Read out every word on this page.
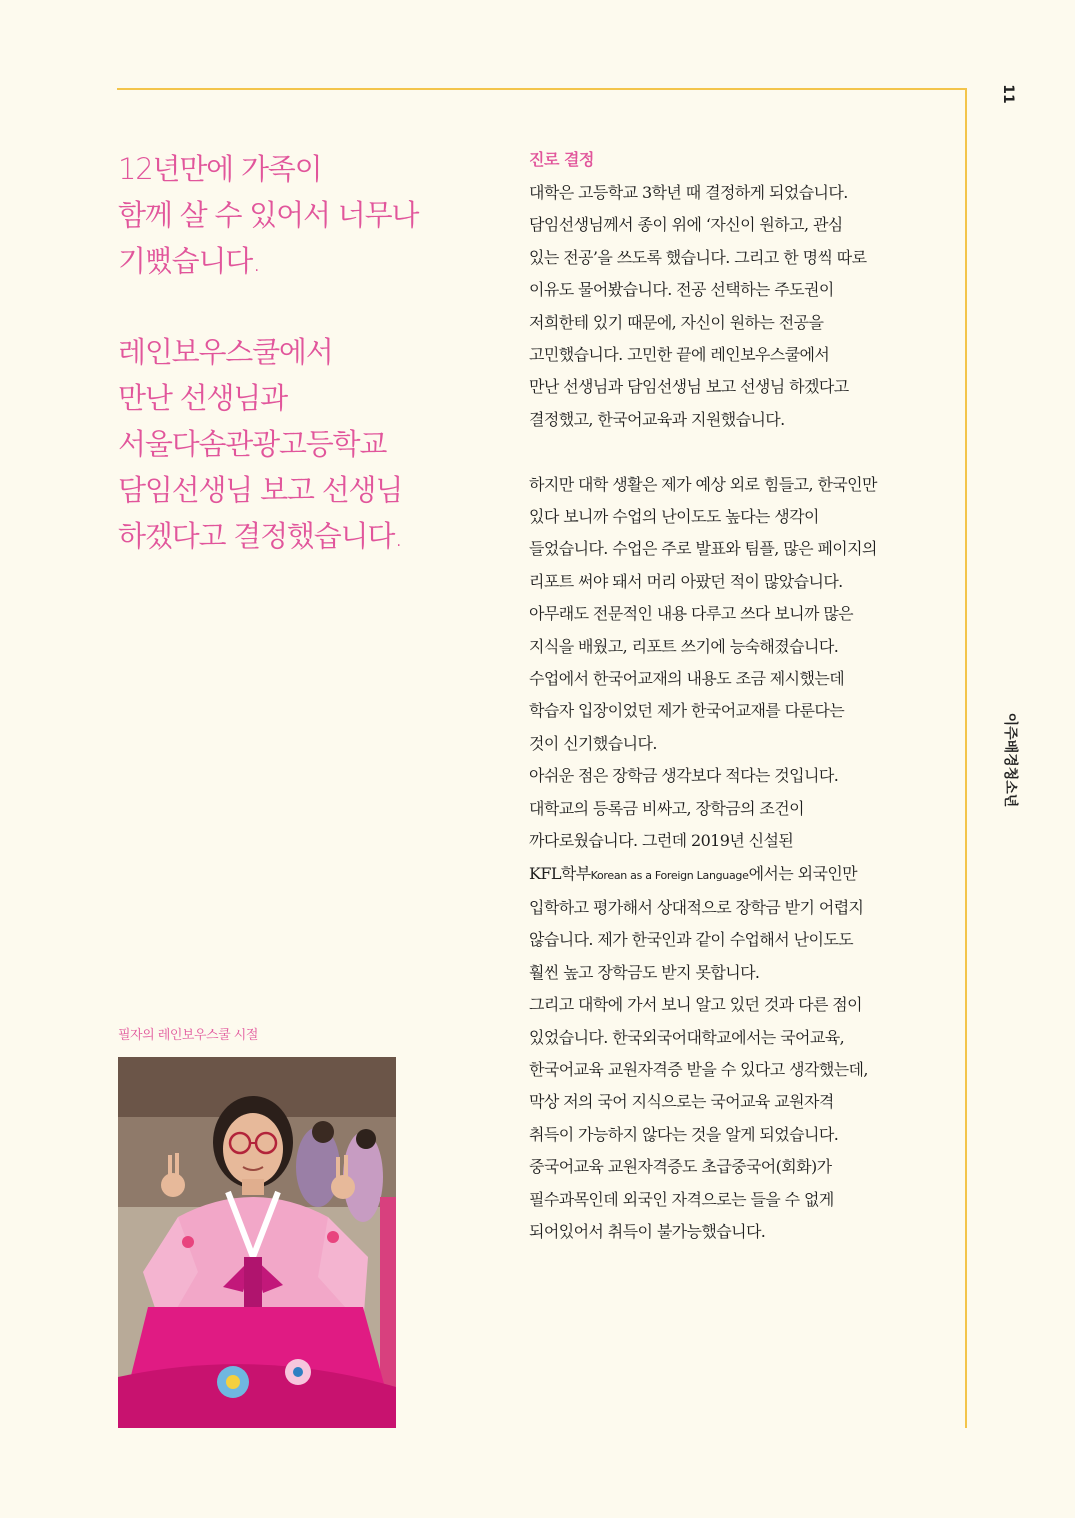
11
이주배경청소년

12년만에 가족이

함께 살 수 있어서 너무나

기뻤습니다.

레인보우스쿨에서

만난 선생님과

서울다솜관광고등학교

담임선생님 보고 선생님

하겠다고 결정했습니다.

필자의 레인보우스쿨 시절
진로 결정
대학은 고등학교 3학년 때 결정하게 되었습니다.
담임선생님께서 종이 위에 ‘자신이 원하고, 관심
있는 전공’을 쓰도록 했습니다. 그리고 한 명씩 따로
이유도 물어봤습니다. 전공 선택하는 주도권이
저희한테 있기 때문에, 자신이 원하는 전공을
고민했습니다. 고민한 끝에 레인보우스쿨에서
만난 선생님과 담임선생님 보고 선생님 하겠다고
결정했고, 한국어교육과 지원했습니다.
하지만 대학 생활은 제가 예상 외로 힘들고, 한국인만
있다 보니까 수업의 난이도도 높다는 생각이
들었습니다. 수업은 주로 발표와 팀플, 많은 페이지의
리포트 써야 돼서 머리 아팠던 적이 많았습니다.
아무래도 전문적인 내용 다루고 쓰다 보니까 많은
지식을 배웠고, 리포트 쓰기에 능숙해졌습니다.
수업에서 한국어교재의 내용도 조금 제시했는데
학습자 입장이었던 제가 한국어교재를 다룬다는
것이 신기했습니다.
아쉬운 점은 장학금 생각보다 적다는 것입니다.
대학교의 등록금 비싸고, 장학금의 조건이
까다로웠습니다. 그런데 2019년 신설된
KFL학부Korean as a Foreign Language에서는 외국인만
입학하고 평가해서 상대적으로 장학금 받기 어렵지
않습니다. 제가 한국인과 같이 수업해서 난이도도
훨씬 높고 장학금도 받지 못합니다.
그리고 대학에 가서 보니 알고 있던 것과 다른 점이
있었습니다. 한국외국어대학교에서는 국어교육,
한국어교육 교원자격증 받을 수 있다고 생각했는데,
막상 저의 국어 지식으로는 국어교육 교원자격
취득이 가능하지 않다는 것을 알게 되었습니다.
중국어교육 교원자격증도 초급중국어(회화)가
필수과목인데 외국인 자격으로는 들을 수 없게
되어있어서 취득이 불가능했습니다.
